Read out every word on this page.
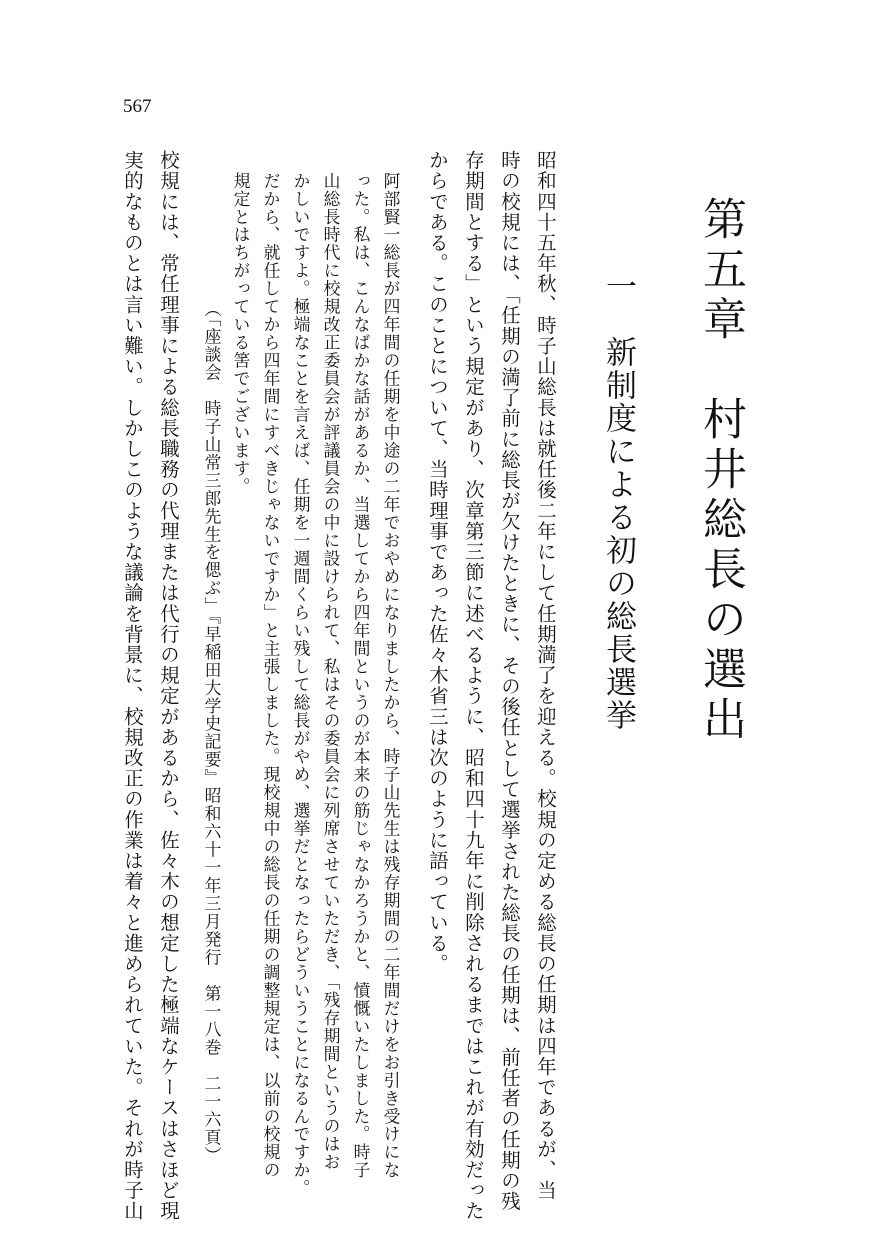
567
第五章　村井総長の選出
一　新制度による初の総長選挙
昭和四十五年秋、時子山総長は就任後二年にして任期満了を迎える。校規の定める総長の任期は四年であるが、当
時の校規には、「任期の満了前に総長が欠けたときに、その後任として選挙された総長の任期は、前任者の任期の残
存期間とする」という規定があり、次章第三節に述べるように、昭和四十九年に削除されるまではこれが有効だった
からである。このことについて、当時理事であった佐々木省三は次のように語っている。
阿部賢一総長が四年間の任期を中途の二年でおやめになりましたから、時子山先生は残存期間の二年間だけをお引き受けにな
った。私は、こんなばかな話があるか、当選してから四年間というのが本来の筋じゃなかろうかと、憤慨いたしました。時子
山総長時代に校規改正委員会が評議員会の中に設けられて、私はその委員会に列席させていただき、「残存期間というのはお
かしいですよ。極端なことを言えば、任期を一週間くらい残して総長がやめ、選挙だとなったらどういうことになるんですか。
だから、就任してから四年間にすべきじゃないですか」と主張しました。現校規中の総長の任期の調整規定は、以前の校規の
規定とはちがっている筈でございます。
（「座談会　時子山常三郎先生を偲ぶ」『早稲田大学史記要』昭和六十一年三月発行　第一八巻　二一六頁）
校規には、常任理事による総長職務の代理または代行の規定があるから、佐々木の想定した極端なケースはさほど現
実的なものとは言い難い。しかしこのような議論を背景に、校規改正の作業は着々と進められていた。それが時子山
